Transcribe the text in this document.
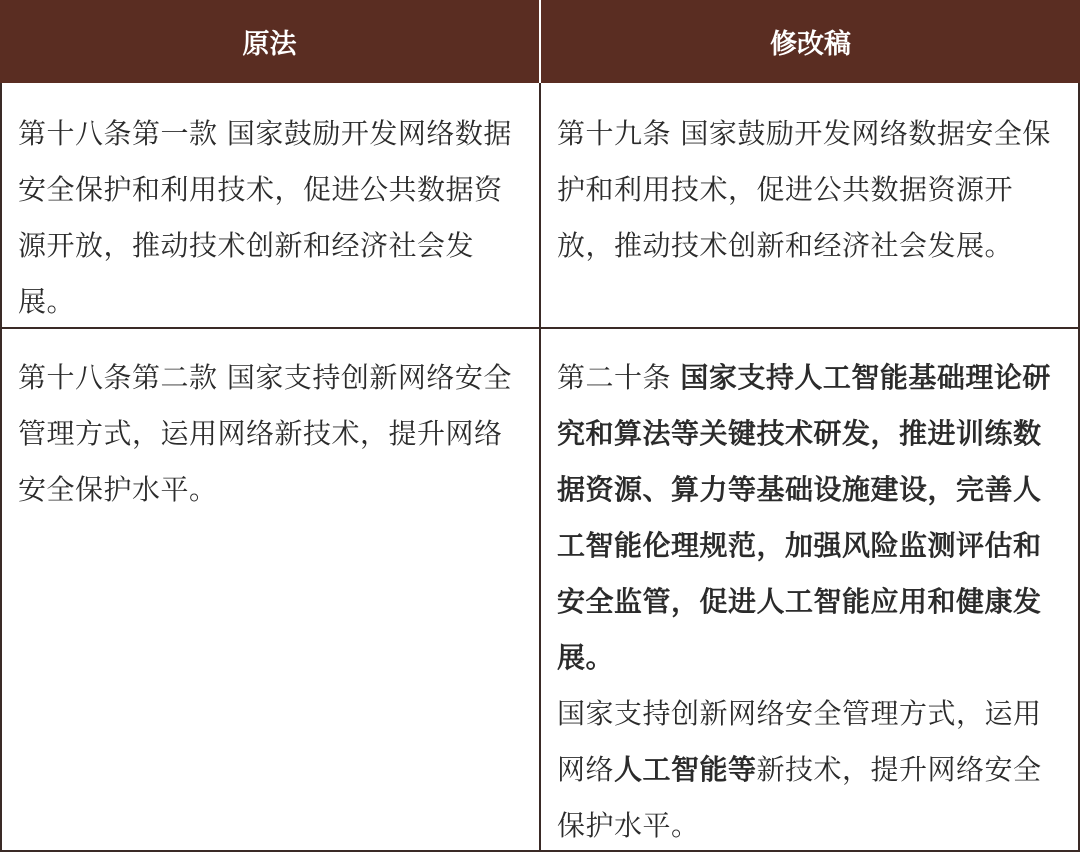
原法	修改稿
第十八条第一款 国家鼓励开发网络数据安全保护和利用技术，促进公共数据资源开放，推动技术创新和经济社会发展。
第十九条 国家鼓励开发网络数据安全保护和利用技术，促进公共数据资源开放，推动技术创新和经济社会发展。
第十八条第二款 国家支持创新网络安全管理方式，运用网络新技术，提升网络安全保护水平。
第二十条 国家支持人工智能基础理论研究和算法等关键技术研发，推进训练数据资源、算力等基础设施建设，完善人工智能伦理规范，加强风险监测评估和安全监管，促进人工智能应用和健康发展。
国家支持创新网络安全管理方式，运用网络人工智能等新技术，提升网络安全保护水平。
